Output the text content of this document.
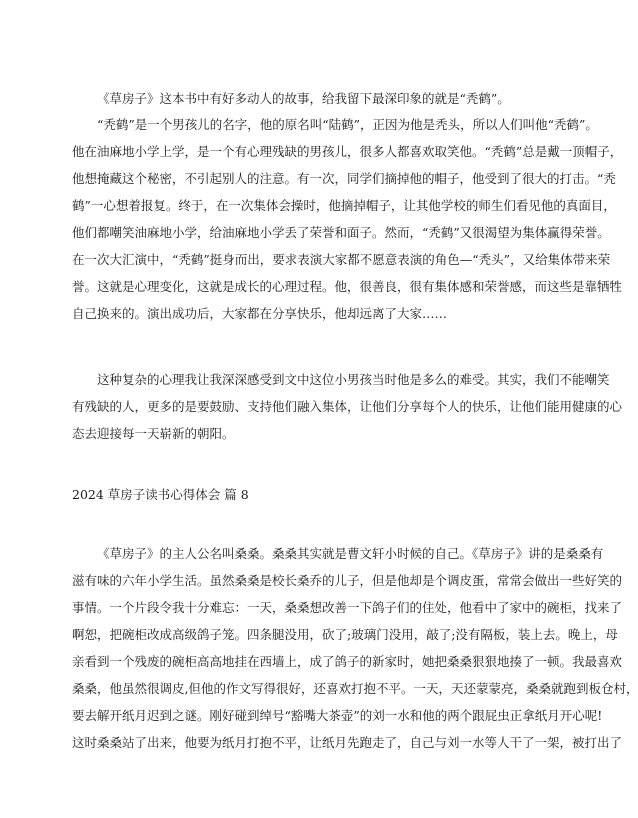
《草房子》这本书中有好多动人的故事，给我留下最深印象的就是“秃鹤”。
“秃鹤”是一个男孩儿的名字，他的原名叫“陆鹤”，正因为他是秃头，所以人们叫他“秃鹤”。
他在油麻地小学上学，是一个有心理残缺的男孩儿，很多人都喜欢取笑他。“秃鹤”总是戴一顶帽子，
他想掩藏这个秘密，不引起别人的注意。有一次，同学们摘掉他的帽子，他受到了很大的打击。“秃
鹤”一心想着报复。终于，在一次集体会操时，他摘掉帽子，让其他学校的师生们看见他的真面目，
他们都嘲笑油麻地小学，给油麻地小学丢了荣誉和面子。然而，“秃鹤”又很渴望为集体赢得荣誉。
在一次大汇演中，“秃鹤”挺身而出，要求表演大家都不愿意表演的角色—“秃头”，又给集体带来荣
誉。这就是心理变化，这就是成长的心理过程。他，很善良，很有集体感和荣誉感，而这些是靠牺牲
自己换来的。演出成功后，大家都在分享快乐，他却远离了大家……
这种复杂的心理我让我深深感受到文中这位小男孩当时他是多么的难受。其实，我们不能嘲笑
有残缺的人，更多的是要鼓励、支持他们融入集体，让他们分享每个人的快乐，让他们能用健康的心
态去迎接每一天崭新的朝阳。
2024 草房子读书心得体会 篇 8
《草房子》的主人公名叫桑桑。桑桑其实就是曹文轩小时候的自己。《草房子》讲的是桑桑有
滋有味的六年小学生活。虽然桑桑是校长桑乔的儿子，但是他却是个调皮蛋，常常会做出一些好笑的
事情。一个片段令我十分难忘：一天，桑桑想改善一下鸽子们的住处，他看中了家中的碗柜，找来了
啊恕，把碗柜改成高级鸽子笼。四条腿没用，砍了;玻璃门没用，敲了;没有隔板，装上去。晚上，母
亲看到一个残废的碗柜高高地挂在西墙上，成了鸽子的新家时，她把桑桑狠狠地揍了一顿。我最喜欢
桑桑，他虽然很调皮,但他的作文写得很好，还喜欢打抱不平。一天，天还蒙蒙亮，桑桑就跑到板仓村，
要去解开纸月迟到之谜。刚好碰到绰号“豁嘴大茶壶”的刘一水和他的两个跟屁虫正拿纸月开心呢!
这时桑桑站了出来，他要为纸月打抱不平，让纸月先跑走了，自己与刘一水等人干了一架，被打出了
